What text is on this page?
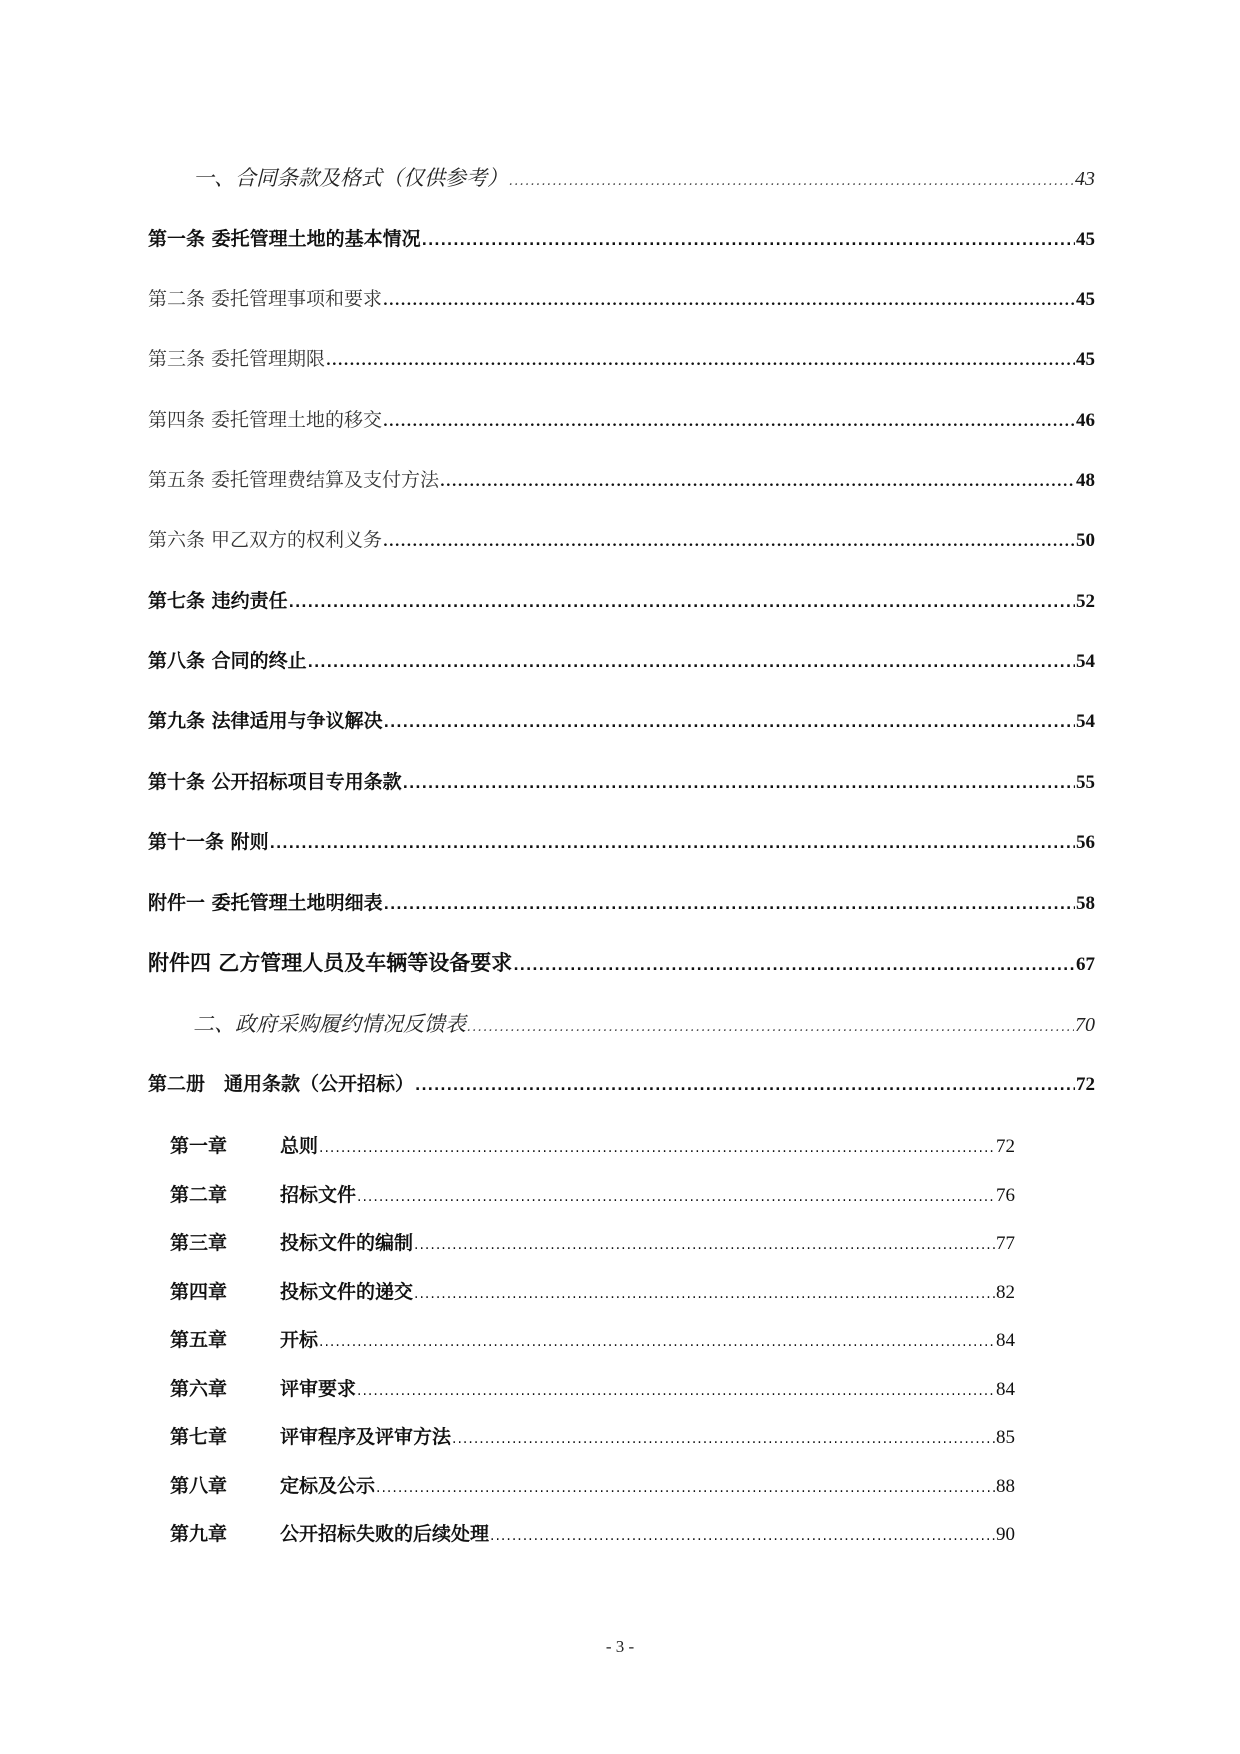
一、合同条款及格式（仅供参考） .....	43
第一条 委托管理土地的基本情况 .....	45
第二条 委托管理事项和要求 .....	45
第三条 委托管理期限 .....	45
第四条 委托管理土地的移交 .....	46
第五条 委托管理费结算及支付方法 .....	48
第六条 甲乙双方的权利义务 .....	50
第七条 违约责任 .....	52
第八条 合同的终止 .....	54
第九条 法律适用与争议解决 .....	54
第十条 公开招标项目专用条款 .....	55
第十一条 附则 .....	56
附件一 委托管理土地明细表 .....	58
附件四 乙方管理人员及车辆等设备要求 .....	67
二、政府采购履约情况反馈表 .....	70
第二册　通用条款（公开招标） .....	72
第一章	总则 .....	72
第二章	招标文件 .....	76
第三章	投标文件的编制 .....	77
第四章	投标文件的递交 .....	82
第五章	开标 .....	84
第六章	评审要求 .....	84
第七章	评审程序及评审方法 .....	85
第八章	定标及公示 .....	88
第九章	公开招标失败的后续处理 .....	90
- 3 -
